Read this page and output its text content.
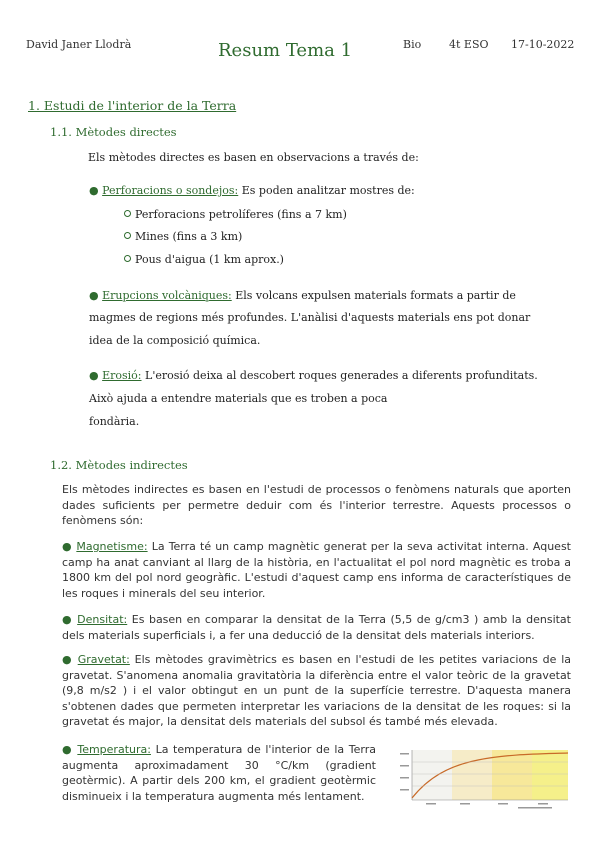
David Janer Llodrà	Resum Tema 1	Bio	4t ESO 17-10-2022
1. Estudi de l'interior de la Terra
1.1. Mètodes directes
Els mètodes directes es basen en observacions a través de:
● Perforacions o sondejos: Es poden analitzar mostres de:
Perforacions petrolíferes (fins a 7 km)
Mines (fins a 3 km)
Pous d'aigua (1 km aprox.)
● Erupcions volcàniques: Els volcans expulsen materials formats a partir de
magmes de regions més profundes. L'anàlisi d'aquests materials ens pot donar
idea de la composició química.
● Erosió: L'erosió deixa al descobert roques generades a diferents profunditats.
Això ajuda a entendre materials que es troben a poca
fondària.
1.2. Mètodes indirectes
Els mètodes indirectes es basen en l'estudi de processos o fenòmens naturals que aporten dades suficients per permetre deduir com és l'interior terrestre. Aquests processos o fenòmens són:
● Magnetisme: La Terra té un camp magnètic generat per la seva activitat interna. Aquest camp ha anat canviant al llarg de la història, en l'actualitat el pol nord magnètic es troba a 1800 km del pol nord geogràfic. L'estudi d'aquest camp ens informa de característiques de les roques i minerals del seu interior.
● Densitat: Es basen en comparar la densitat de la Terra (5,5 de g/cm3 ) amb la densitat dels materials superficials i, a fer una deducció de la densitat dels materials interiors.
● Gravetat: Els mètodes gravimètrics es basen en l'estudi de les petites variacions de la gravetat. S'anomena anomalia gravitatòria la diferència entre el valor teòric de la gravetat (9,8 m/s2 ) i el valor obtingut en un punt de la superfície terrestre. D'aquesta manera s'obtenen dades que permeten interpretar les variacions de la densitat de les roques: si la gravetat és major, la densitat dels materials del subsol és també més elevada.
● Temperatura: La temperatura de l'interior de la Terra augmenta aproximadament 30 °C/km (gradient geotèrmic). A partir dels 200 km, el gradient geotèrmic disminueix i la temperatura augmenta més lentament.
